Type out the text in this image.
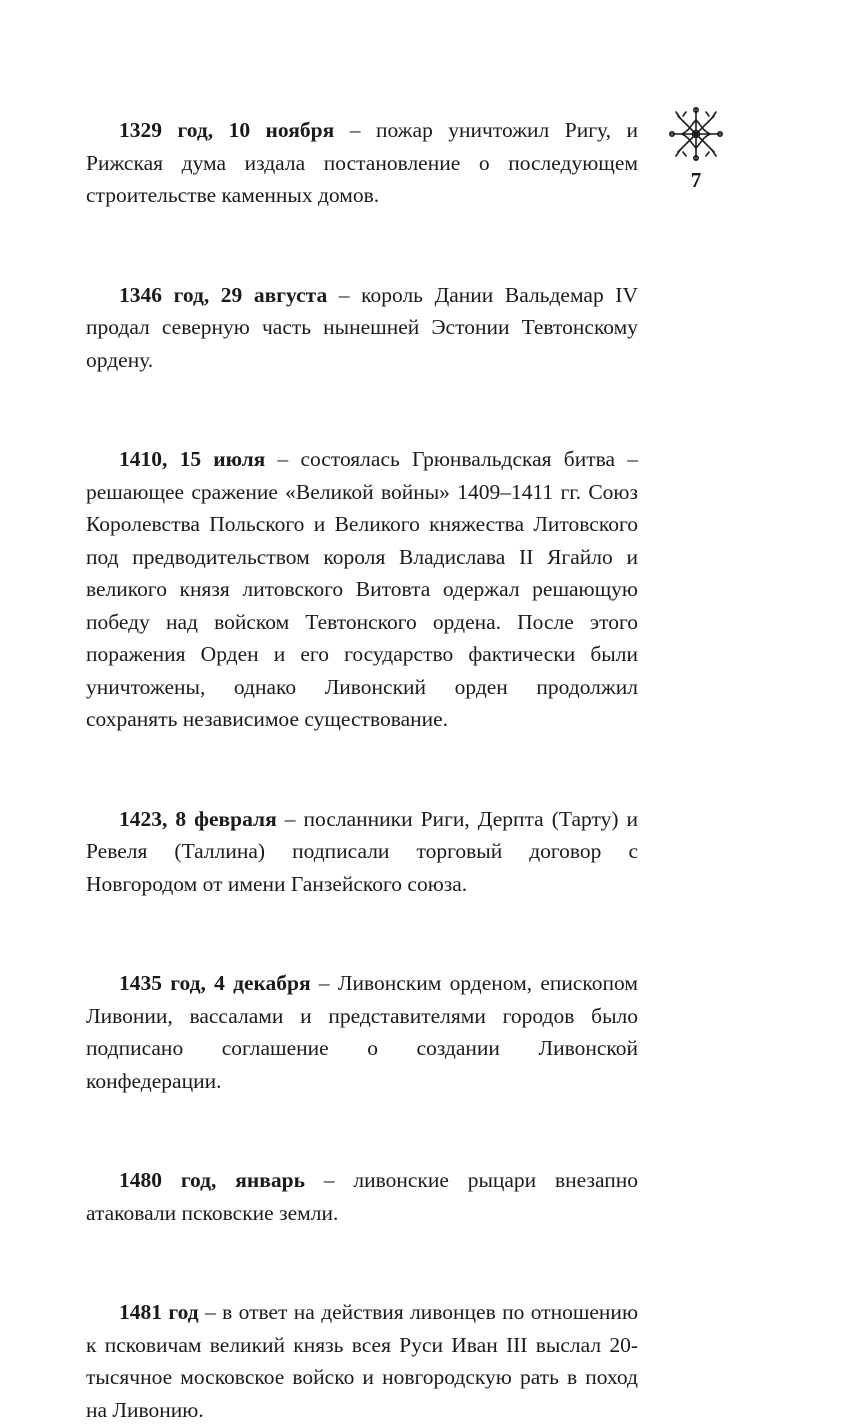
7

1329 год, 10 ноября – пожар уничтожил Ригу, и Рижская дума издала постановление о последующем строительстве каменных домов.

1346 год, 29 августа – король Дании Вальдемар IV продал северную часть нынешней Эстонии Тевтонскому ордену.

1410, 15 июля – состоялась Грюнвальдская битва – решающее сражение «Великой войны» 1409–1411 гг. Союз Королевства Польского и Великого княжества Литовского под предводительством короля Владислава II Ягайло и великого князя литовского Витовта одержал решающую победу над войском Тевтонского ордена. После этого поражения Орден и его государство фактически были уничтожены, однако Ливонский орден продолжил сохранять независимое существование.

1423, 8 февраля – посланники Риги, Дерпта (Тарту) и Ревеля (Таллина) подписали торговый договор с Новгородом от имени Ганзейского союза.

1435 год, 4 декабря – Ливонским орденом, епископом Ливонии, вассалами и представителями городов было подписано соглашение о создании Ливонской конфедерации.

1480 год, январь – ливонские рыцари внезапно атаковали псковские земли.

1481 год – в ответ на действия ливонцев по отношению к псковичам великий князь всея Руси Иван III выслал 20-тысячное московское войско и новгородскую рать в поход на Ливонию.
